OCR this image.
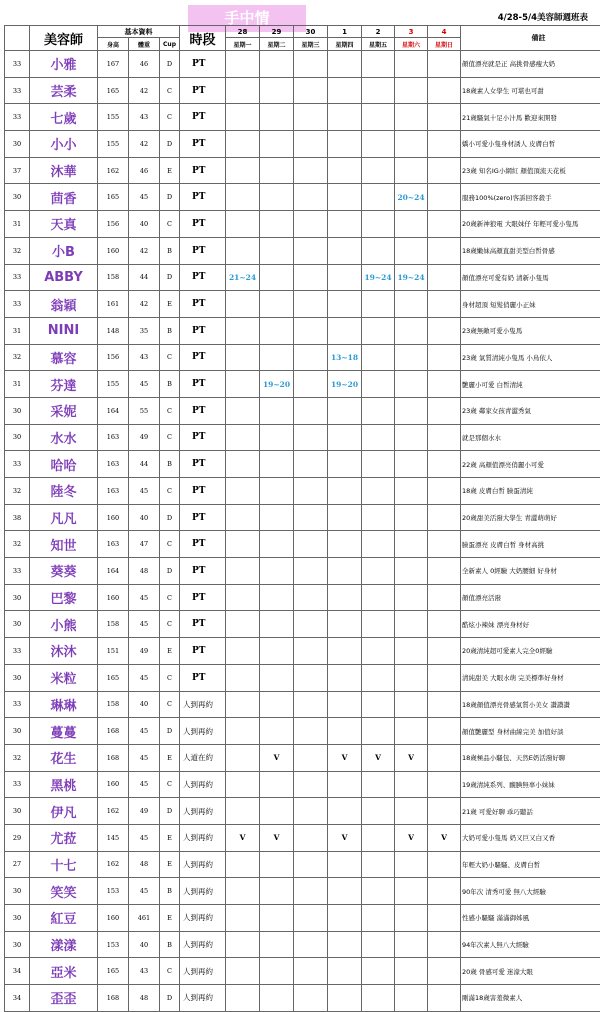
手中情	4/28-5/4美容師週班表
	美容師	基本資料			時段	28	29	30	1	2	3	4	備註
		身高	體重	Cup		星期一	星期二	星期三	星期四	星期五	星期六	星期日	
33	小雅	167	46	D	PT								顏值漂亮就是正 高挑骨感瘦大奶
33	芸柔	165	42	C	PT								18歲素人女學生 可堪也可甜
33	七歲	155	43	C	PT								21歲騷氣十足小汁馬 歡迎來開發
30	小小	155	42	D	PT								嬌小可愛小隻身材誘人 皮膚白皙
37	沐華	162	46	E	PT								23歲 知名IG小網紅 顏值頂流天花板
30	茴香	165	45	D	PT						20~24		服務100%(zero)客訴回客殺手
31	天真	156	40	C	PT								20歲新神狼電 大眼妹仔 年輕可愛小隻馬
32	小B	160	42	B	PT								18歲嫩妹高顏直甜美型白皙骨感
33	ABBY	158	44	D	PT	21~24				19~24	19~24		顏值漂亮可愛有奶 清新小隻馬
33	翁穎	161	42	E	PT								身材超頂 短髮俏麗小正妹
31	NINI	148	35	B	PT								23歲無敵可愛小隻馬
32	慕容	156	43	C	PT				13~18				23歲 氣質清純小隻馬 小鳥依人
31	芬達	155	45	B	PT		19~20		19~20				艷麗小可愛 白皙清純
30	采妮	164	55	C	PT								23歲 鄰家女孩青澀秀氣
30	水水	163	49	C	PT								就是那個水水
33	哈哈	163	44	B	PT								22歲 高顏值漂亮俏麗小可愛
32	陸冬	163	45	C	PT								18歲 皮膚白皙 臉蛋清純
38	凡凡	160	40	D	PT								20歲甜美活潑大學生 青澀萌萌好
32	知世	163	47	C	PT								臉蛋漂亮 皮膚白皙 身材高挑
33	葵葵	164	48	D	PT								全新素人 0經驗 大奶腰細 好身材
30	巴黎	160	45	C	PT								顏值漂亮活潑
30	小熊	158	45	C	PT								酷炫小辣妹 漂亮身材好
33	沐沐	151	49	E	PT								20歲清純超可愛素人完全0經驗
30	米粒	165	45	C	PT								清純甜美 大眼水萌 完美標準好身材
33	琳琳	158	40	C	人到再約								18歲顏值漂亮骨感氣質小美女 讚讚讚
30	蔓蔓	168	45	D	人到再約								顏值艷麗型 身材曲線完美 加值好談
32	花生	168	45	E	人道在約		V		V	V	V		18歲極品小騷包、天然E奶活潑好聊
33	黑桃	160	45	C	人到再約								19歲清純系列、靦腆無辜小妹妹
30	伊凡	162	49	D	人到再約								21歲 可愛好聊 乖巧聽話
29	尤菈	145	45	E	人到再約	V	V		V		V	V	大奶可愛小隻馬 奶又巨又白又香
27	十七	162	48	E	人到再約								年輕大奶小騷騷、皮膚白皙
30	笑笑	153	45	B	人到再約								90年次 清秀可愛 無八大經驗
30	紅豆	160	461	E	人到再約								性感小騷騷 滿滿御姊風
30	漾漾	153	40	B	人到再約								94年次素人無八大經驗
34	亞米	165	43	C	人到再約								20歲 骨感可愛 迷濛大眼
34	歪歪	168	48	D	人到再約								剛滿18歲害羞微素人
